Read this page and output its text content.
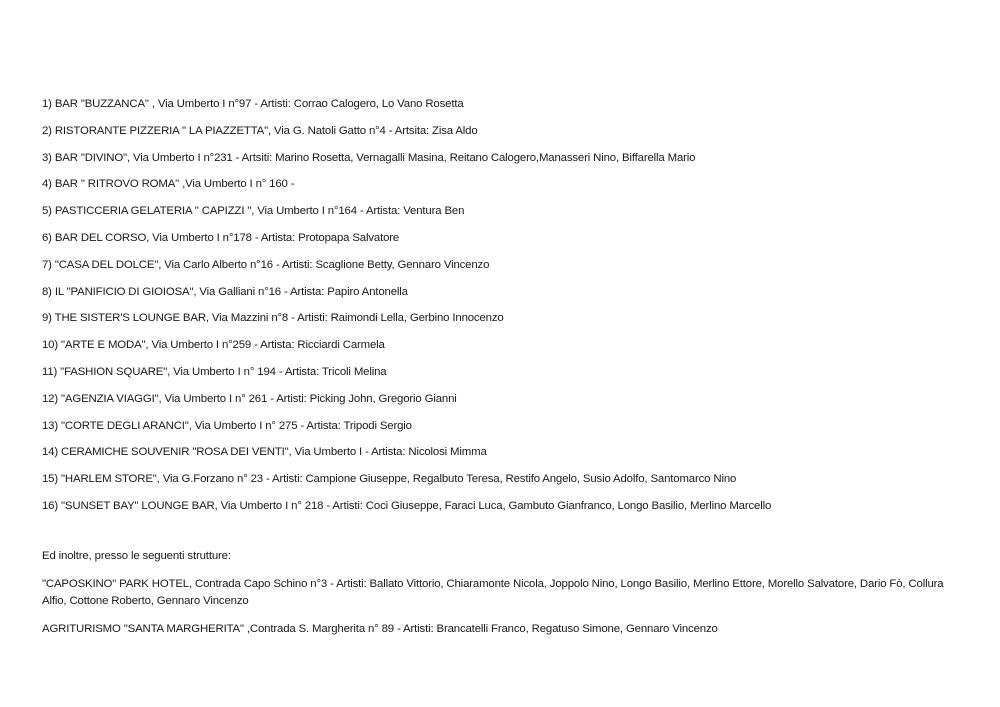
1) BAR "BUZZANCA" , Via Umberto I n°97 - Artisti: Corrao Calogero, Lo Vano Rosetta
2) RISTORANTE PIZZERIA " LA PIAZZETTA", Via G. Natoli Gatto n°4 - Artsita: Zisa Aldo
3) BAR "DIVINO", Via Umberto I n°231 - Artsiti: Marino Rosetta, Vernagalli Masina, Reitano Calogero,Manasseri Nino, Biffarella Mario
4) BAR " RITROVO ROMA" ,Via Umberto I n° 160 -
5) PASTICCERIA GELATERIA " CAPIZZI ", Via Umberto I n°164 - Artista: Ventura Ben
6) BAR DEL CORSO, Via Umberto I n°178 - Artista: Protopapa Salvatore
7) "CASA DEL DOLCE", Via Carlo Alberto n°16 - Artisti: Scaglione Betty, Gennaro Vincenzo
8) IL "PANIFICIO DI GIOIOSA", Via Galliani n°16 - Artista: Papiro Antonella
9) THE SISTER'S LOUNGE BAR, Via Mazzini n°8 - Artisti: Raimondi Lella, Gerbino Innocenzo
10) "ARTE E MODA", Via Umberto I n°259 - Artista: Ricciardi Carmela
11) "FASHION SQUARE", Via Umberto I n° 194 - Artista: Tricoli Melina
12) "AGENZIA VIAGGI", Via Umberto I n° 261 - Artisti: Picking John, Gregorio Gianni
13) "CORTE DEGLI ARANCI", Via Umberto I n° 275 - Artista: Tripodi Sergio
14) CERAMICHE SOUVENIR "ROSA DEI VENTI", Via Umberto I - Artista: Nicolosi Mimma
15) "HARLEM STORE", Via G.Forzano n° 23 - Artisti: Campione Giuseppe, Regalbuto Teresa, Restifo Angelo, Susio Adolfo, Santomarco Nino
16) "SUNSET BAY" LOUNGE BAR, Via Umberto I n° 218 - Artisti: Coci Giuseppe, Faraci Luca, Gambuto Gianfranco, Longo Basilio, Merlino Marcello

Ed inoltre, presso le seguenti strutture:

"CAPOSKINO" PARK HOTEL, Contrada Capo Schino n°3 - Artisti: Ballato Vittorio, Chiaramonte Nicola, Joppolo Nino, Longo Basilio, Merlino Ettore, Morello Salvatore, Dario Fò, Collura Alfio, Cottone Roberto, Gennaro Vincenzo

AGRITURISMO "SANTA MARGHERITA" ,Contrada S. Margherita n° 89 - Artisti: Brancatelli Franco, Regatuso Simone, Gennaro Vincenzo
